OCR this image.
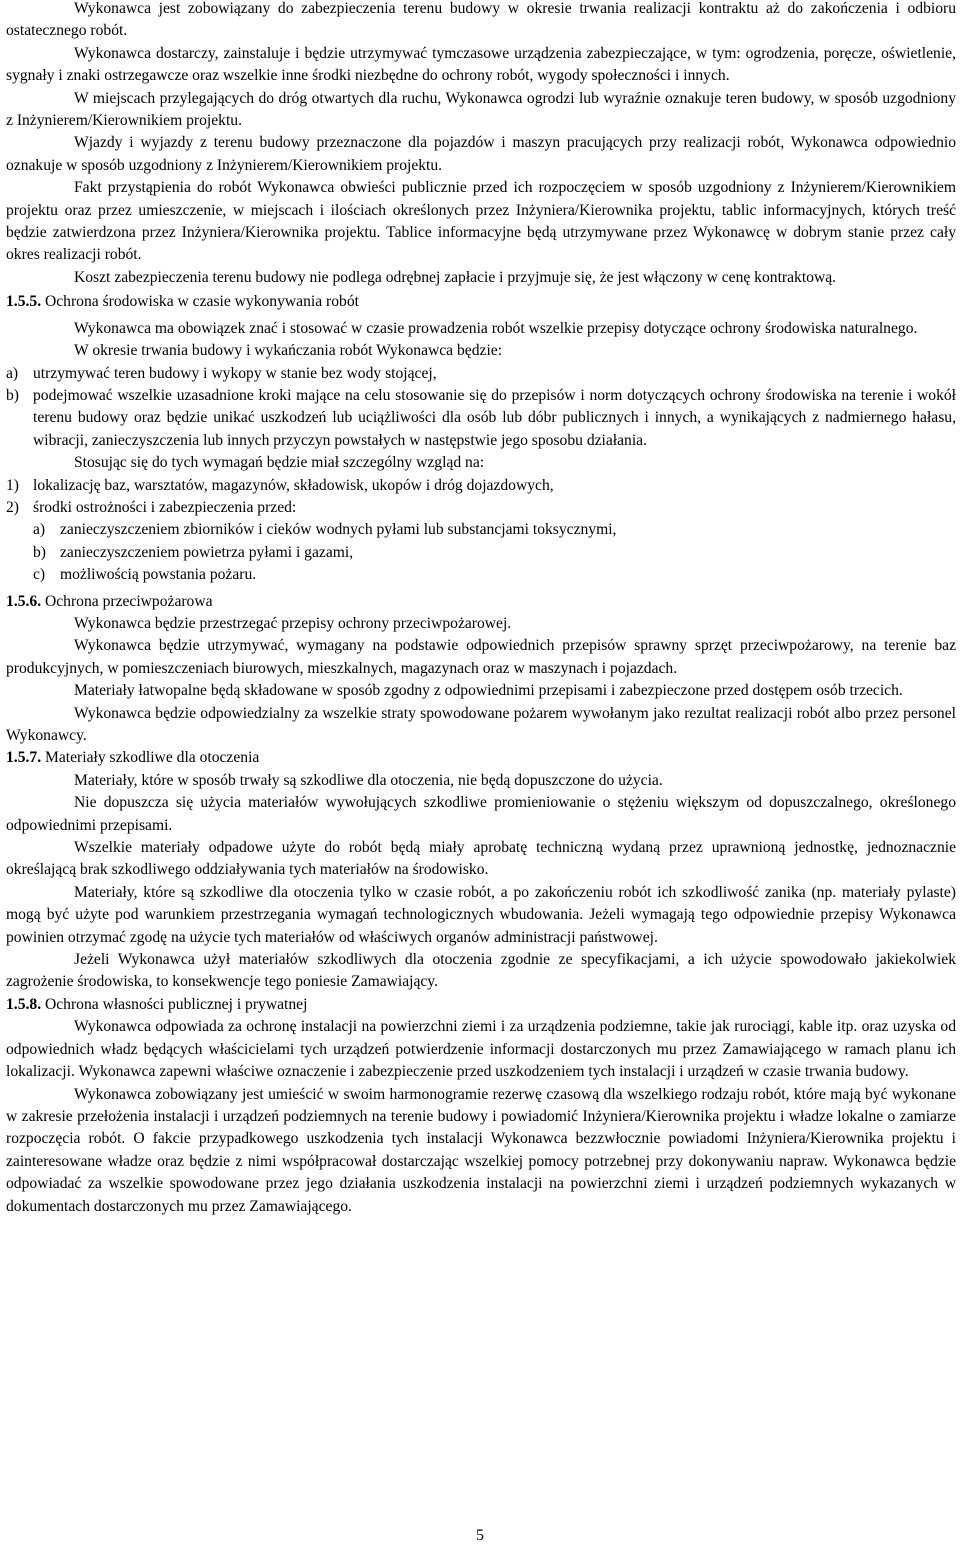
Wykonawca jest zobowiązany do zabezpieczenia terenu budowy w okresie trwania realizacji kontraktu aż do zakończenia i odbioru ostatecznego robót.

Wykonawca dostarczy, zainstaluje i będzie utrzymywać tymczasowe urządzenia zabezpieczające, w tym: ogrodzenia, poręcze, oświetlenie, sygnały i znaki ostrzegawcze oraz wszelkie inne środki niezbędne do ochrony robót, wygody społeczności i innych.

W miejscach przylegających do dróg otwartych dla ruchu, Wykonawca ogrodzi lub wyraźnie oznakuje teren budowy, w sposób uzgodniony z Inżynierem/Kierownikiem projektu.

Wjazdy i wyjazdy z terenu budowy przeznaczone dla pojazdów i maszyn pracujących przy realizacji robót, Wykonawca odpowiednio oznakuje w sposób uzgodniony z Inżynierem/Kierownikiem projektu.

Fakt przystąpienia do robót Wykonawca obwieści publicznie przed ich rozpoczęciem w sposób uzgodniony z Inżynierem/Kierownikiem projektu oraz przez umieszczenie, w miejscach i ilościach określonych przez Inżyniera/Kierownika projektu, tablic informacyjnych, których treść będzie zatwierdzona przez Inżyniera/Kierownika projektu. Tablice informacyjne będą utrzymywane przez Wykonawcę w dobrym stanie przez cały okres realizacji robót.

Koszt zabezpieczenia terenu budowy nie podlega odrębnej zapłacie i przyjmuje się, że jest włączony w cenę kontraktową.

1.5.5. Ochrona środowiska w czasie wykonywania robót

Wykonawca ma obowiązek znać i stosować w czasie prowadzenia robót wszelkie przepisy dotyczące ochrony środowiska naturalnego.

W okresie trwania budowy i wykańczania robót Wykonawca będzie:

a) utrzymywać teren budowy i wykopy w stanie bez wody stojącej,
b) podejmować wszelkie uzasadnione kroki mające na celu stosowanie się do przepisów i norm dotyczących ochrony środowiska na terenie i wokół terenu budowy oraz będzie unikać uszkodzeń lub uciążliwości dla osób lub dóbr publicznych i innych, a wynikających z nadmiernego hałasu, wibracji, zanieczyszczenia lub innych przyczyn powstałych w następstwie jego sposobu działania.

Stosując się do tych wymagań będzie miał szczególny wzgląd na:

1) lokalizację baz, warsztatów, magazynów, składowisk, ukopów i dróg dojazdowych,
2) środki ostrożności i zabezpieczenia przed:
a) zanieczyszczeniem zbiorników i cieków wodnych pyłami lub substancjami toksycznymi,
b) zanieczyszczeniem powietrza pyłami i gazami,
c) możliwością powstania pożaru.
1.5.6. Ochrona przeciwpożarowa

Wykonawca będzie przestrzegać przepisy ochrony przeciwpożarowej.

Wykonawca będzie utrzymywać, wymagany na podstawie odpowiednich przepisów sprawny sprzęt przeciwpożarowy, na terenie baz produkcyjnych, w pomieszczeniach biurowych, mieszkalnych, magazynach oraz w maszynach i pojazdach.

Materiały łatwopalne będą składowane w sposób zgodny z odpowiednimi przepisami i zabezpieczone przed dostępem osób trzecich.

Wykonawca będzie odpowiedzialny za wszelkie straty spowodowane pożarem wywołanym jako rezultat realizacji robót albo przez personel Wykonawcy.

1.5.7. Materiały szkodliwe dla otoczenia

Materiały, które w sposób trwały są szkodliwe dla otoczenia, nie będą dopuszczone do użycia.

Nie dopuszcza się użycia materiałów wywołujących szkodliwe promieniowanie o stężeniu większym od dopuszczalnego, określonego odpowiednimi przepisami.

Wszelkie materiały odpadowe użyte do robót będą miały aprobatę techniczną wydaną przez uprawnioną jednostkę, jednoznacznie określającą brak szkodliwego oddziaływania tych materiałów na środowisko.

Materiały, które są szkodliwe dla otoczenia tylko w czasie robót, a po zakończeniu robót ich szkodliwość zanika (np. materiały pylaste) mogą być użyte pod warunkiem przestrzegania wymagań technologicznych wbudowania. Jeżeli wymagają tego odpowiednie przepisy Wykonawca powinien otrzymać zgodę na użycie tych materiałów od właściwych organów administracji państwowej.

Jeżeli Wykonawca użył materiałów szkodliwych dla otoczenia zgodnie ze specyfikacjami, a ich użycie spowodowało jakiekolwiek zagrożenie środowiska, to konsekwencje tego poniesie Zamawiający.

1.5.8. Ochrona własności publicznej i prywatnej

Wykonawca odpowiada za ochronę instalacji na powierzchni ziemi i za urządzenia podziemne, takie jak rurociągi, kable itp. oraz uzyska od odpowiednich władz będących właścicielami tych urządzeń potwierdzenie informacji dostarczonych mu przez Zamawiającego w ramach planu ich lokalizacji. Wykonawca zapewni właściwe oznaczenie i zabezpieczenie przed uszkodzeniem tych instalacji i urządzeń w czasie trwania budowy.

Wykonawca zobowiązany jest umieścić w swoim harmonogramie rezerwę czasową dla wszelkiego rodzaju robót, które mają być wykonane w zakresie przełożenia instalacji i urządzeń podziemnych na terenie budowy i powiadomić Inżyniera/Kierownika projektu i władze lokalne o zamiarze rozpoczęcia robót. O fakcie przypadkowego uszkodzenia tych instalacji Wykonawca bezzwłocznie powiadomi Inżyniera/Kierownika projektu i zainteresowane władze oraz będzie z nimi współpracował dostarczając wszelkiej pomocy potrzebnej przy dokonywaniu napraw. Wykonawca będzie odpowiadać za wszelkie spowodowane przez jego działania uszkodzenia instalacji na powierzchni ziemi i urządzeń podziemnych wykazanych w dokumentach dostarczonych mu przez Zamawiającego.

5
